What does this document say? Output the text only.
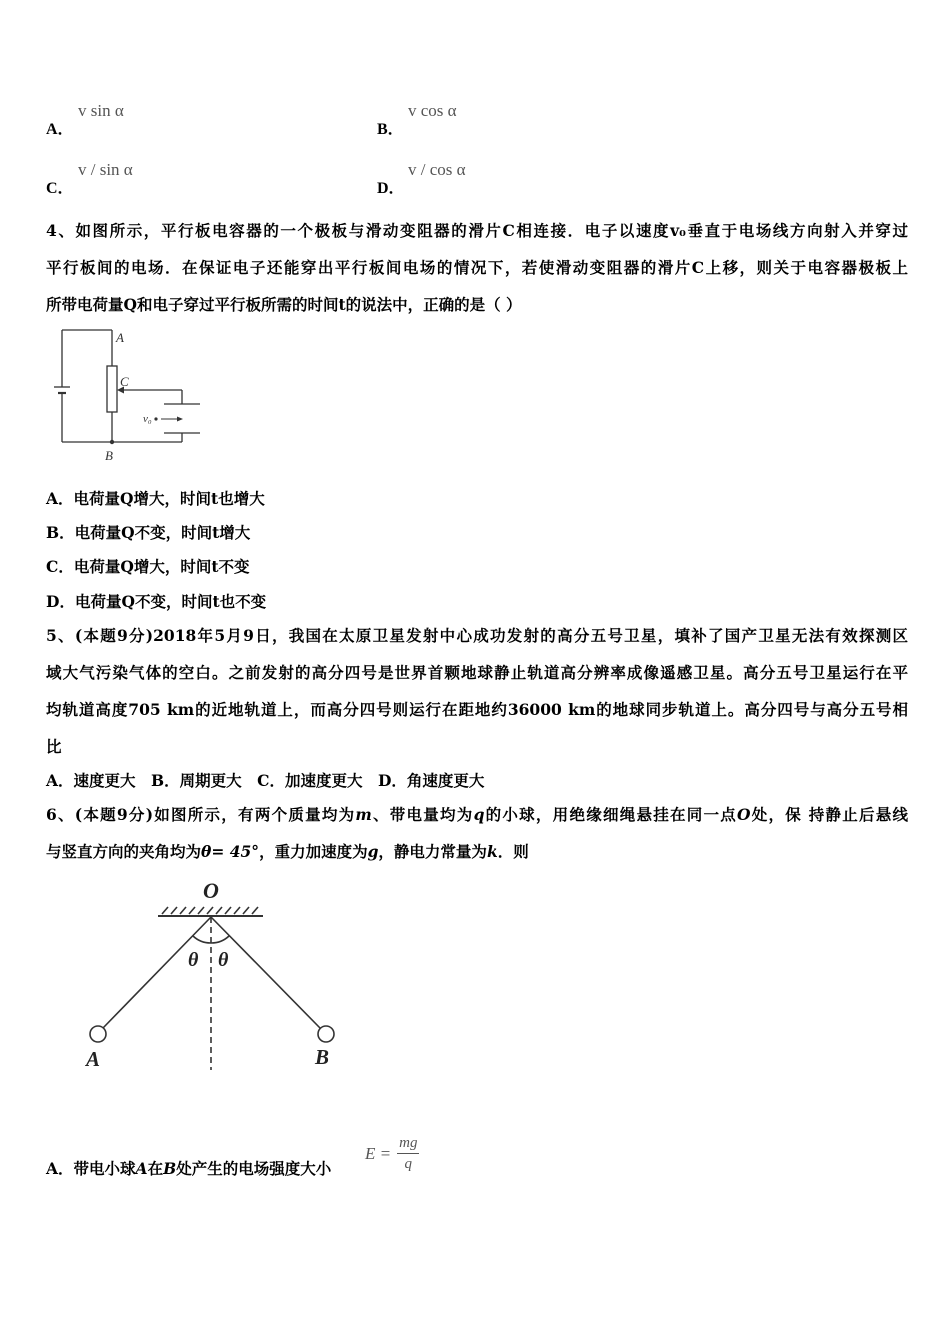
A．
v sin α
B．
v cos α
C．
v / sin α
D．
v / cos α
4、如图所示，平行板电容器的一个极板与滑动变阻器的滑片C相连接．电子以速度v₀垂直于电场线方向射入并穿过
平行板间的电场．在保证电子还能穿出平行板间电场的情况下，若使滑动变阻器的滑片C上移，则关于电容器极板上
所带电荷量Q和电子穿过平行板所需的时间t的说法中，正确的是（ ）
A
C
v₀
B
A．电荷量Q增大，时间t也增大
B．电荷量Q不变，时间t增大
C．电荷量Q增大，时间t不变
D．电荷量Q不变，时间t也不变
5、(本题9分)2018年5月9日，我国在太原卫星发射中心成功发射的高分五号卫星，填补了国产卫星无法有效探测区
域大气污染气体的空白。之前发射的高分四号是世界首颗地球静止轨道高分辨率成像遥感卫星。高分五号卫星运行在平
均轨道高度705 km的近地轨道上，而高分四号则运行在距地约36000 km的地球同步轨道上。高分四号与高分五号相
比
A．速度更大　B．周期更大　C．加速度更大　D．角速度更大
6、(本题9分)如图所示，有两个质量均为m、带电量均为q的小球，用绝缘细绳悬挂在同一点O处，保 持静止后悬线
与竖直方向的夹角均为θ= 45°，重力加速度为g，静电力常量为k．则
O
θ θ
A	B
A．带电小球A在B处产生的电场强度大小
$E = \frac{mg}{q}$
